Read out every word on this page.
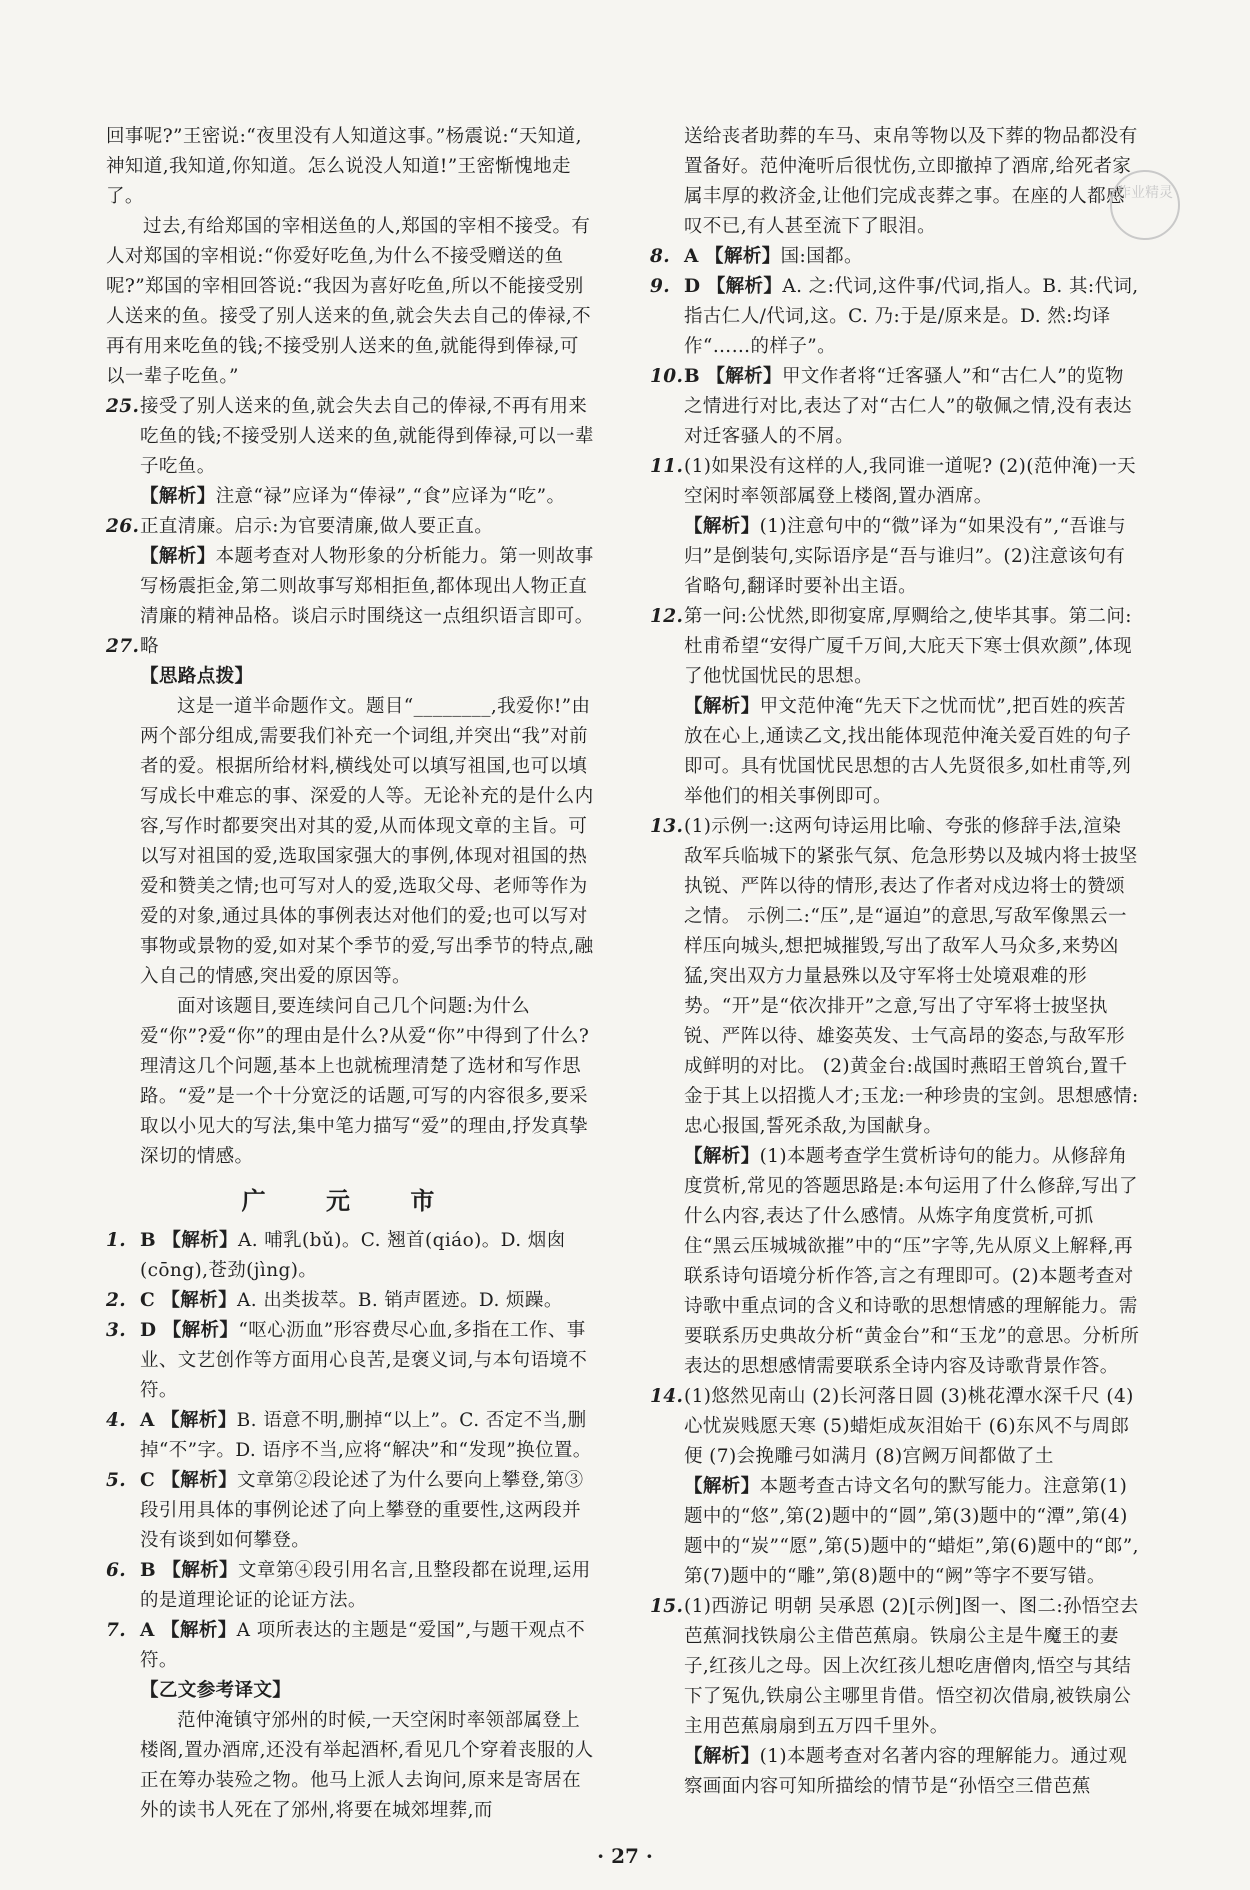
回事呢?”王密说:“夜里没有人知道这事。”杨震说:“天知道,神知道,我知道,你知道。怎么说没人知道!”王密惭愧地走了。

过去,有给郑国的宰相送鱼的人,郑国的宰相不接受。有人对郑国的宰相说:“你爱好吃鱼,为什么不接受赠送的鱼呢?”郑国的宰相回答说:“我因为喜好吃鱼,所以不能接受别人送来的鱼。接受了别人送来的鱼,就会失去自己的俸禄,不再有用来吃鱼的钱;不接受别人送来的鱼,就能得到俸禄,可以一辈子吃鱼。”

25. 接受了别人送来的鱼,就会失去自己的俸禄,不再有用来吃鱼的钱;不接受别人送来的鱼,就能得到俸禄,可以一辈子吃鱼。

【解析】注意“禄”应译为“俸禄”,“食”应译为“吃”。

26. 正直清廉。启示:为官要清廉,做人要正直。

【解析】本题考查对人物形象的分析能力。第一则故事写杨震拒金,第二则故事写郑相拒鱼,都体现出人物正直清廉的精神品格。谈启示时围绕这一点组织语言即可。

27. 略

【思路点拨】

这是一道半命题作文。题目“________,我爱你!”由两个部分组成,需要我们补充一个词组,并突出“我”对前者的爱。根据所给材料,横线处可以填写祖国,也可以填写成长中难忘的事、深爱的人等。无论补充的是什么内容,写作时都要突出对其的爱,从而体现文章的主旨。可以写对祖国的爱,选取国家强大的事例,体现对祖国的热爱和赞美之情;也可写对人的爱,选取父母、老师等作为爱的对象,通过具体的事例表达对他们的爱;也可以写对事物或景物的爱,如对某个季节的爱,写出季节的特点,融入自己的情感,突出爱的原因等。

面对该题目,要连续问自己几个问题:为什么爱“你”?爱“你”的理由是什么?从爱“你”中得到了什么?理清这几个问题,基本上也就梳理清楚了选材和写作思路。“爱”是一个十分宽泛的话题,可写的内容很多,要采取以小见大的写法,集中笔力描写“爱”的理由,抒发真挚深切的情感。

广 元 市
1. B 【解析】A. 哺乳(bǔ)。C. 翘首(qiáo)。D. 烟囱(cōng),苍劲(jìng)。

2. C 【解析】A. 出类拔萃。B. 销声匿迹。D. 烦躁。

3. D 【解析】“呕心沥血”形容费尽心血,多指在工作、事业、文艺创作等方面用心良苦,是褒义词,与本句语境不符。

4. A 【解析】B. 语意不明,删掉“以上”。C. 否定不当,删掉“不”字。D. 语序不当,应将“解决”和“发现”换位置。

5. C 【解析】文章第②段论述了为什么要向上攀登,第③段引用具体的事例论述了向上攀登的重要性,这两段并没有谈到如何攀登。

6. B 【解析】文章第④段引用名言,且整段都在说理,运用的是道理论证的论证方法。

7. A 【解析】A 项所表达的主题是“爱国”,与题干观点不符。

【乙文参考译文】

范仲淹镇守邠州的时候,一天空闲时率领部属登上楼阁,置办酒席,还没有举起酒杯,看见几个穿着丧服的人正在筹办装殓之物。他马上派人去询问,原来是寄居在外的读书人死在了邠州,将要在城郊埋葬,而

送给丧者助葬的车马、束帛等物以及下葬的物品都没有置备好。范仲淹听后很忧伤,立即撤掉了酒席,给死者家属丰厚的救济金,让他们完成丧葬之事。在座的人都感叹不已,有人甚至流下了眼泪。

8. A 【解析】国:国都。

9. D 【解析】A. 之:代词,这件事/代词,指人。B. 其:代词,指古仁人/代词,这。C. 乃:于是/原来是。D. 然:均译作“……的样子”。

10. B 【解析】甲文作者将“迁客骚人”和“古仁人”的览物之情进行对比,表达了对“古仁人”的敬佩之情,没有表达对迁客骚人的不屑。

11. (1)如果没有这样的人,我同谁一道呢? (2)(范仲淹)一天空闲时率领部属登上楼阁,置办酒席。

【解析】(1)注意句中的“微”译为“如果没有”,“吾谁与归”是倒装句,实际语序是“吾与谁归”。(2)注意该句有省略句,翻译时要补出主语。

12. 第一问:公忧然,即彻宴席,厚赒给之,使毕其事。第二问:杜甫希望“安得广厦千万间,大庇天下寒士俱欢颜”,体现了他忧国忧民的思想。

【解析】甲文范仲淹“先天下之忧而忧”,把百姓的疾苦放在心上,通读乙文,找出能体现范仲淹关爱百姓的句子即可。具有忧国忧民思想的古人先贤很多,如杜甫等,列举他们的相关事例即可。

13. (1)示例一:这两句诗运用比喻、夸张的修辞手法,渲染敌军兵临城下的紧张气氛、危急形势以及城内将士披坚执锐、严阵以待的情形,表达了作者对戍边将士的赞颂之情。 示例二:“压”,是“逼迫”的意思,写敌军像黑云一样压向城头,想把城摧毁,写出了敌军人马众多,来势凶猛,突出双方力量悬殊以及守军将士处境艰难的形势。“开”是“依次排开”之意,写出了守军将士披坚执锐、严阵以待、雄姿英发、士气高昂的姿态,与敌军形成鲜明的对比。 (2)黄金台:战国时燕昭王曾筑台,置千金于其上以招揽人才;玉龙:一种珍贵的宝剑。思想感情:忠心报国,誓死杀敌,为国献身。

【解析】(1)本题考查学生赏析诗句的能力。从修辞角度赏析,常见的答题思路是:本句运用了什么修辞,写出了什么内容,表达了什么感情。从炼字角度赏析,可抓住“黑云压城城欲摧”中的“压”字等,先从原义上解释,再联系诗句语境分析作答,言之有理即可。(2)本题考查对诗歌中重点词的含义和诗歌的思想情感的理解能力。需要联系历史典故分析“黄金台”和“玉龙”的意思。分析所表达的思想感情需要联系全诗内容及诗歌背景作答。

14. (1)悠然见南山 (2)长河落日圆 (3)桃花潭水深千尺 (4)心忧炭贱愿天寒 (5)蜡炬成灰泪始干 (6)东风不与周郎便 (7)会挽雕弓如满月 (8)宫阙万间都做了土

【解析】本题考查古诗文名句的默写能力。注意第(1)题中的“悠”,第(2)题中的“圆”,第(3)题中的“潭”,第(4)题中的“炭”“愿”,第(5)题中的“蜡炬”,第(6)题中的“郎”,第(7)题中的“雕”,第(8)题中的“阙”等字不要写错。

15. (1)西游记 明朝 吴承恩 (2)[示例]图一、图二:孙悟空去芭蕉洞找铁扇公主借芭蕉扇。铁扇公主是牛魔王的妻子,红孩儿之母。因上次红孩儿想吃唐僧肉,悟空与其结下了冤仇,铁扇公主哪里肯借。悟空初次借扇,被铁扇公主用芭蕉扇扇到五万四千里外。

【解析】(1)本题考查对名著内容的理解能力。通过观察画面内容可知所描绘的情节是“孙悟空三借芭蕉

作业精灵
· 27 ·
